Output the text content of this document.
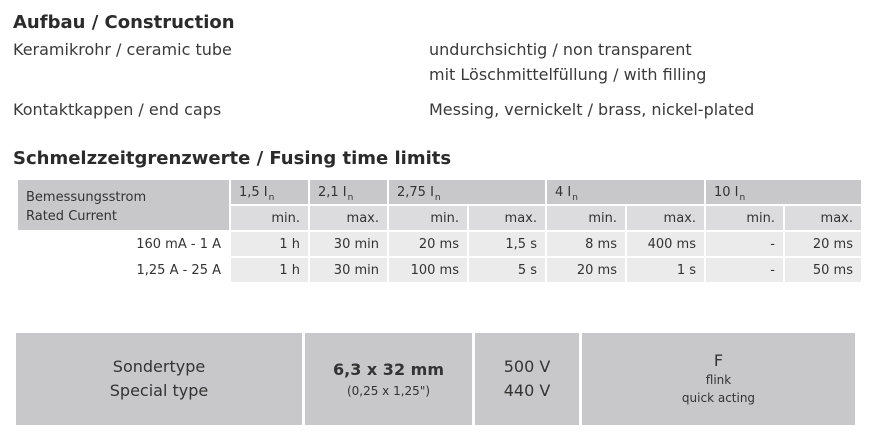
Aufbau / Construction
Keramikrohr / ceramic tube	undurchsichtig / non transparent
mit Löschmittelfüllung / with filling
Kontaktkappen / end caps	Messing, vernickelt / brass, nickel-plated
Schmelzzeitgrenzwerte / Fusing time limits
Bemessungsstrom
Rated Current	1,5 $I_n$	2,1 $I_n$	2,75 $I_n$		4 $I_n$		10 $I_n$
	min.	max.	min.	max.	min.	max.	min.	max.
160 mA - 1 A	1 h	30 min	20 ms	1,5 s	8 ms	400 ms	-	20 ms
1,25 A - 25 A	1 h	30 min	100 ms	5 s	20 ms	1 s	-	50 ms
Sondertype
Special type
6,3 x 32 mm
(0,25 x 1,25")
500 V
440 V
F
flink
quick acting
